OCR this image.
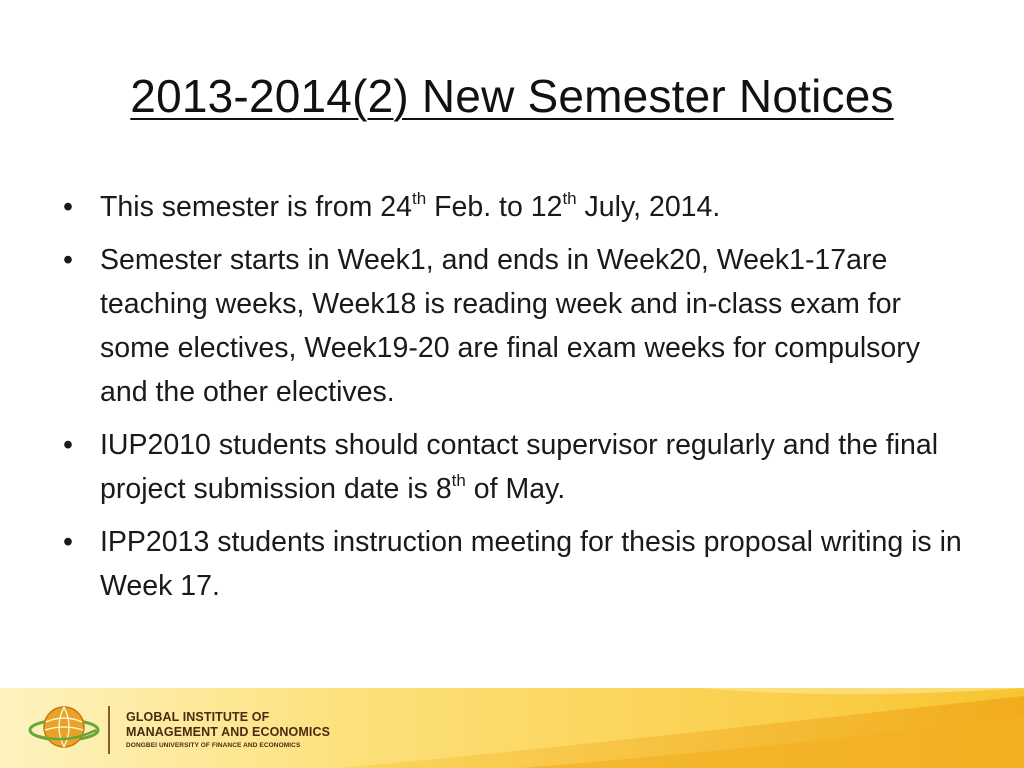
2013-2014(2) New Semester Notices
• This semester is from 24th Feb. to 12th July, 2014.
• Semester starts in Week1, and ends in Week20, Week1-17are teaching weeks, Week18 is reading week and in-class exam for some electives, Week19-20 are final exam weeks for compulsory and the other electives.
• IUP2010 students should contact supervisor regularly and the final project submission date is 8th of May.
• IPP2013 students instruction meeting for thesis proposal writing is in Week 17.
GLOBAL INSTITUTE OF
MANAGEMENT AND ECONOMICS
DONGBEI UNIVERSITY OF FINANCE AND ECONOMICS
